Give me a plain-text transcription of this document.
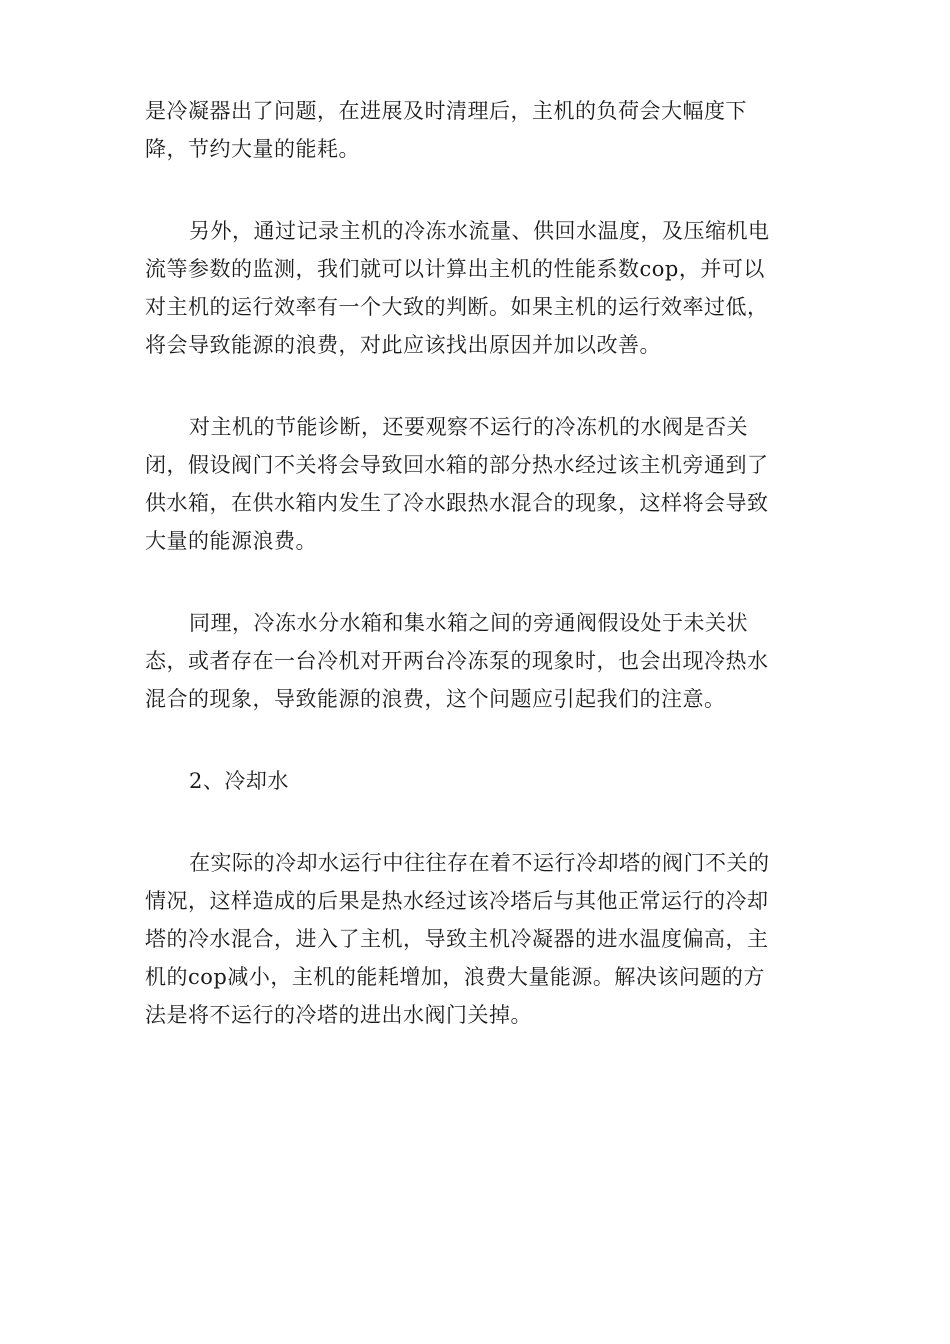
是冷凝器出了问题，在进展及时清理后，主机的负荷会大幅度下
降，节约大量的能耗。
另外，通过记录主机的冷冻水流量、供回水温度，及压缩机电
流等参数的监测，我们就可以计算出主机的性能系数cop，并可以
对主机的运行效率有一个大致的判断。如果主机的运行效率过低，
将会导致能源的浪费，对此应该找出原因并加以改善。
对主机的节能诊断，还要观察不运行的冷冻机的水阀是否关
闭，假设阀门不关将会导致回水箱的部分热水经过该主机旁通到了
供水箱，在供水箱内发生了冷水跟热水混合的现象，这样将会导致
大量的能源浪费。
同理，冷冻水分水箱和集水箱之间的旁通阀假设处于未关状
态，或者存在一台冷机对开两台冷冻泵的现象时，也会出现冷热水
混合的现象，导致能源的浪费，这个问题应引起我们的注意。
2、冷却水
在实际的冷却水运行中往往存在着不运行冷却塔的阀门不关的
情况，这样造成的后果是热水经过该冷塔后与其他正常运行的冷却
塔的冷水混合，进入了主机，导致主机冷凝器的进水温度偏高，主
机的cop减小，主机的能耗增加，浪费大量能源。解决该问题的方
法是将不运行的冷塔的进出水阀门关掉。
